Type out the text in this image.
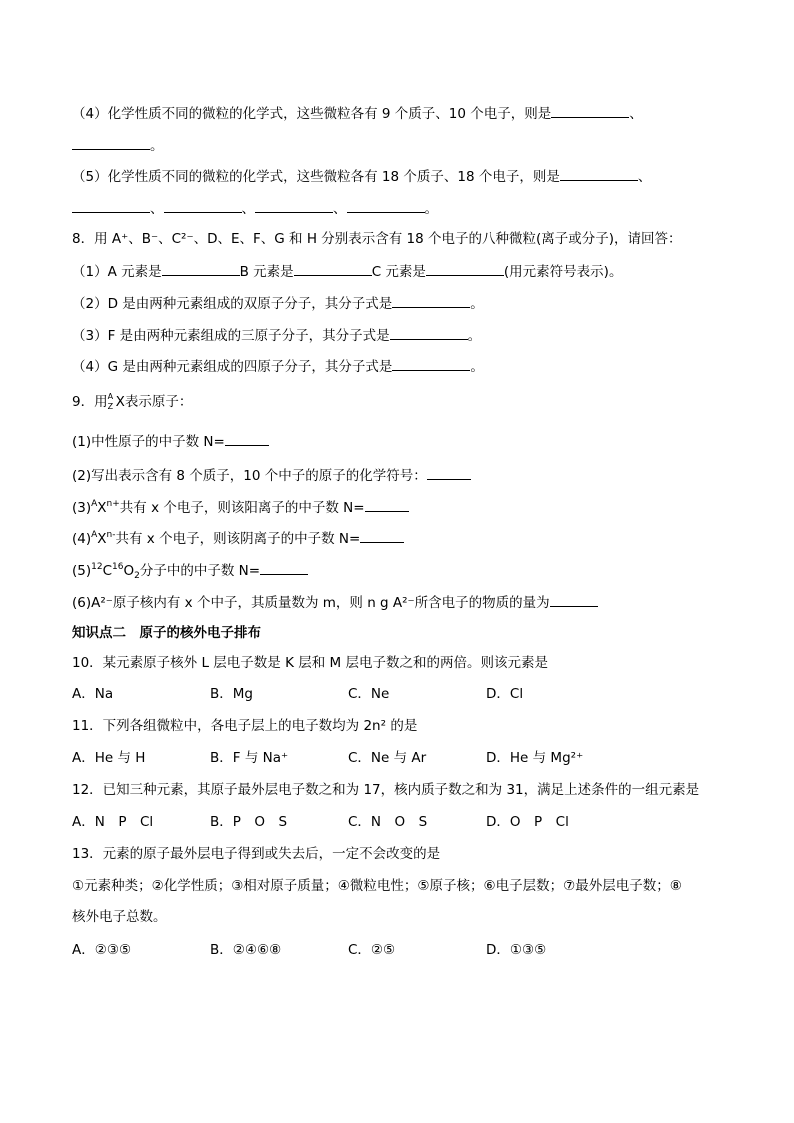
（4）化学性质不同的微粒的化学式，这些微粒各有 9 个质子、10 个电子，则是	、
。
（5）化学性质不同的微粒的化学式，这些微粒各有 18 个质子、18 个电子，则是	、
、	、	、	。
8．用 A⁺、B⁻、C²⁻、D、E、F、G 和 H 分别表示含有 18 个电子的八种微粒(离子或分子)，请回答：
（1）A 元素是	B 元素是	C 元素是	(用元素符号表示)。
（2）D 是由两种元素组成的双原子分子，其分子式是	。
（3）F 是由两种元素组成的三原子分子，其分子式是	。
（4）G 是由两种元素组成的四原子分子，其分子式是	。
9．用 A
Z X表示原子：
(1)中性原子的中子数 N=
(2)写出表示含有 8 个质子，10 个中子的原子的化学符号：
$(3)^AX^{n+}$共有 x 个电子，则该阳离子的中子数 N=
$(4)^AX^{n-}$共有 x 个电子，则该阴离子的中子数 N=
$(5)^{12}C^{16}O_2$分子中的中子数 N=
(6)A²⁻原子核内有 x 个中子，其质量数为 m，则 n g A²⁻所含电子的物质的量为
知识点二　原子的核外电子排布
10．某元素原子核外 L 层电子数是 K 层和 M 层电子数之和的两倍。则该元素是
A．Na	B．Mg	C．Ne	D．Cl
11．下列各组微粒中，各电子层上的电子数均为 2n² 的是
A．He 与 H	B．F 与 Na⁺	C．Ne 与 Ar	D．He 与 Mg²⁺
12．已知三种元素，其原子最外层电子数之和为 17，核内质子数之和为 31，满足上述条件的一组元素是
A．N　P　Cl	B．P　O　S	C．N　O　S	D．O　P　Cl
13．元素的原子最外层电子得到或失去后，一定不会改变的是
①元素种类；②化学性质；③相对原子质量；④微粒电性；⑤原子核；⑥电子层数；⑦最外层电子数；⑧
核外电子总数。
A．②③⑤	B．②④⑥⑧	C．②⑤	D．①③⑤
